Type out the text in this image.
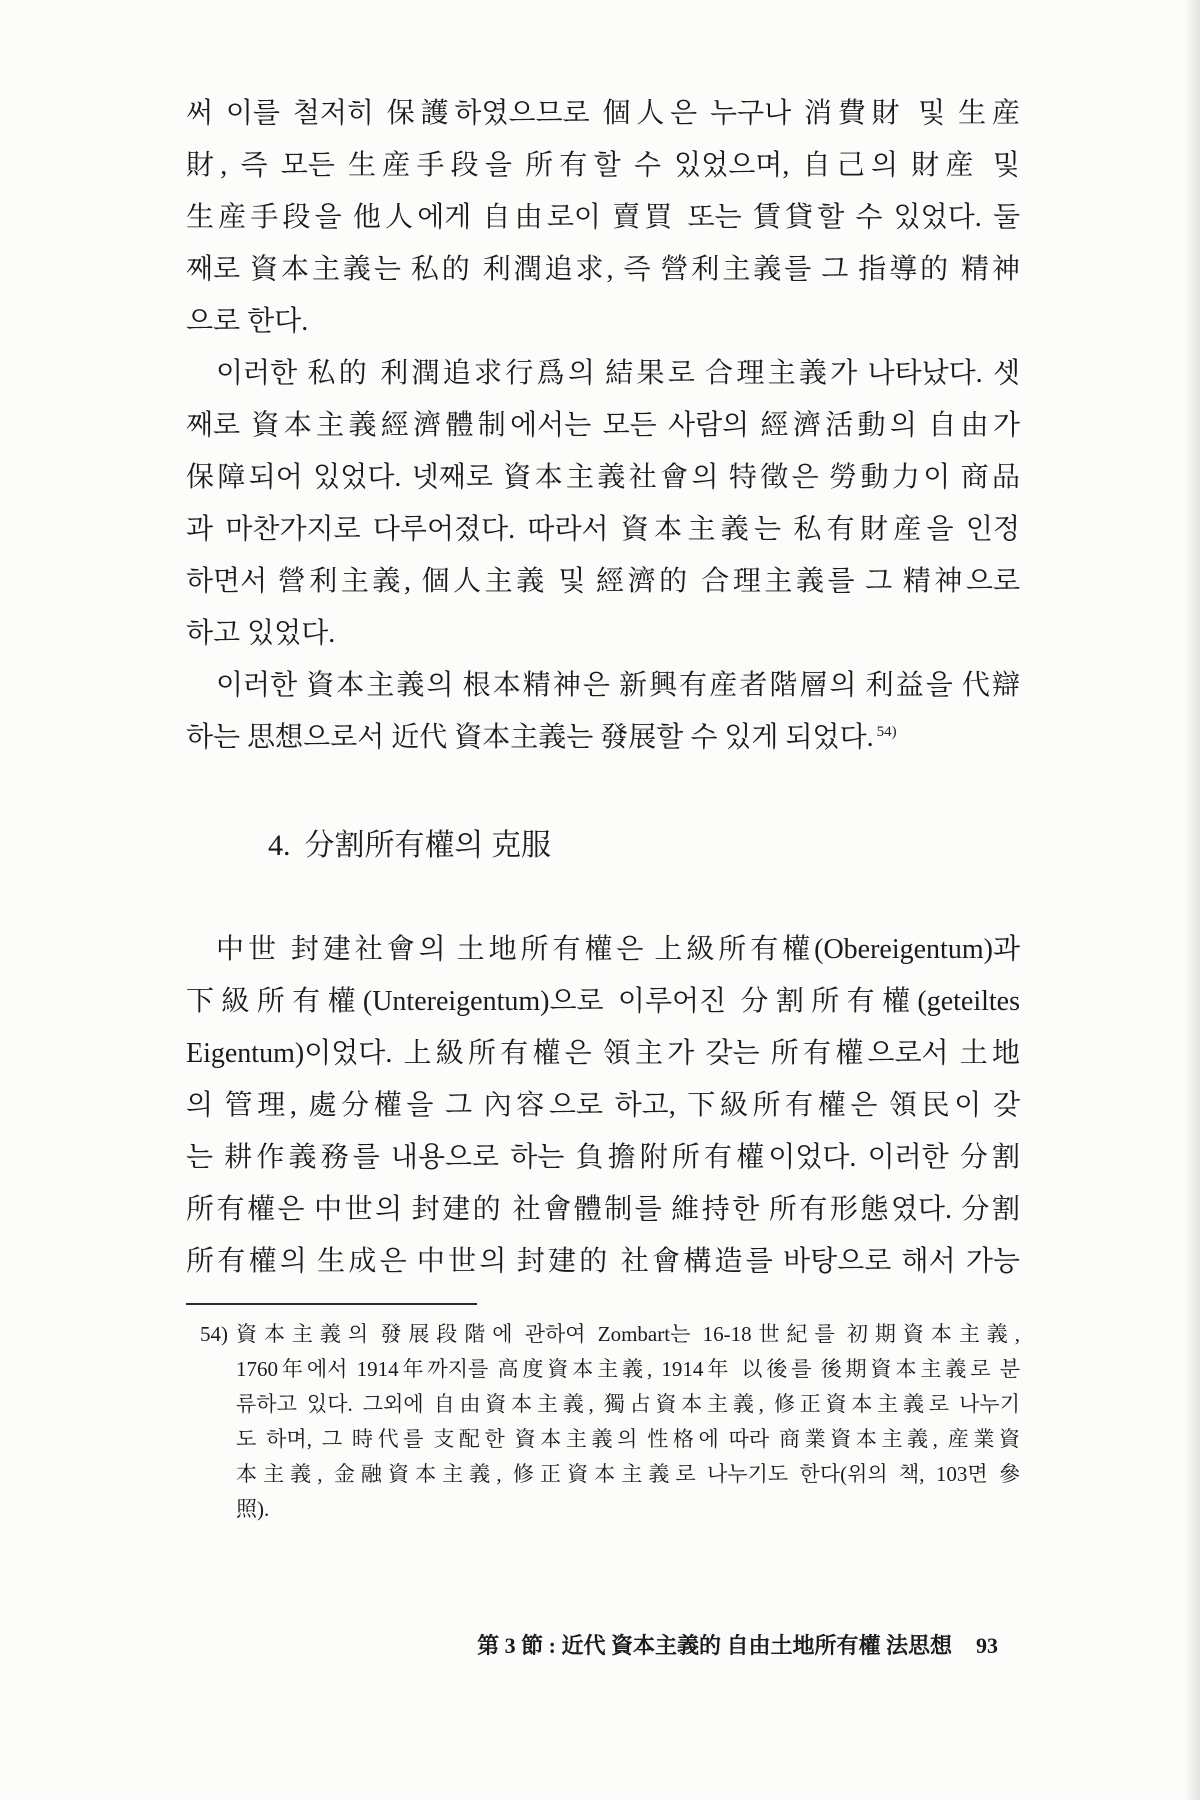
써 이를 철저히 保護하였으므로 個人은 누구나 消費財 및 生産
財, 즉 모든 生産手段을 所有할 수 있었으며, 自己의 財産 및
生産手段을 他人에게 自由로이 賣買 또는 賃貸할 수 있었다. 둘
째로 資本主義는 私的 利潤追求, 즉 營利主義를 그 指導的 精神
으로 한다.
이러한 私的 利潤追求行爲의 結果로 合理主義가 나타났다. 셋
째로 資本主義經濟體制에서는 모든 사람의 經濟活動의 自由가
保障되어 있었다. 넷째로 資本主義社會의 特徵은 勞動力이 商品
과 마찬가지로 다루어졌다. 따라서 資本主義는 私有財産을 인정
하면서 營利主義, 個人主義 및 經濟的 合理主義를 그 精神으로
하고 있었다.
이러한 資本主義의 根本精神은 新興有産者階層의 利益을 代辯
하는 思想으로서 近代 資本主義는 發展할 수 있게 되었다. $^{54)}$
4. 分割所有權의 克服
中世 封建社會의 土地所有權은 上級所有權(Obereigentum)과
下級所有權(Untereigentum)으로 이루어진 分割所有權(geteiltes
Eigentum)이었다. 上級所有權은 領主가 갖는 所有權으로서 土地
의 管理, 處分權을 그 內容으로 하고, 下級所有權은 領民이 갖
는 耕作義務를 내용으로 하는 負擔附所有權이었다. 이러한 分割
所有權은 中世의 封建的 社會體制를 維持한 所有形態였다. 分割
所有權의 生成은 中世의 封建的 社會構造를 바탕으로 해서 가능
54) 資本主義의 發展段階에 관하여 Zombart는 16-18世紀를 初期資本主義,
1760年에서 1914年까지를 高度資本主義, 1914年 以後를 後期資本主義로 분
류하고 있다. 그외에 自由資本主義, 獨占資本主義, 修正資本主義로 나누기
도 하며, 그 時代를 支配한 資本主義의 性格에 따라 商業資本主義, 産業資
本主義, 金融資本主義, 修正資本主義로 나누기도 한다(위의 책, 103면 參
照).
第 3 節 : 近代 資本主義的 自由土地所有權 法思想 93
